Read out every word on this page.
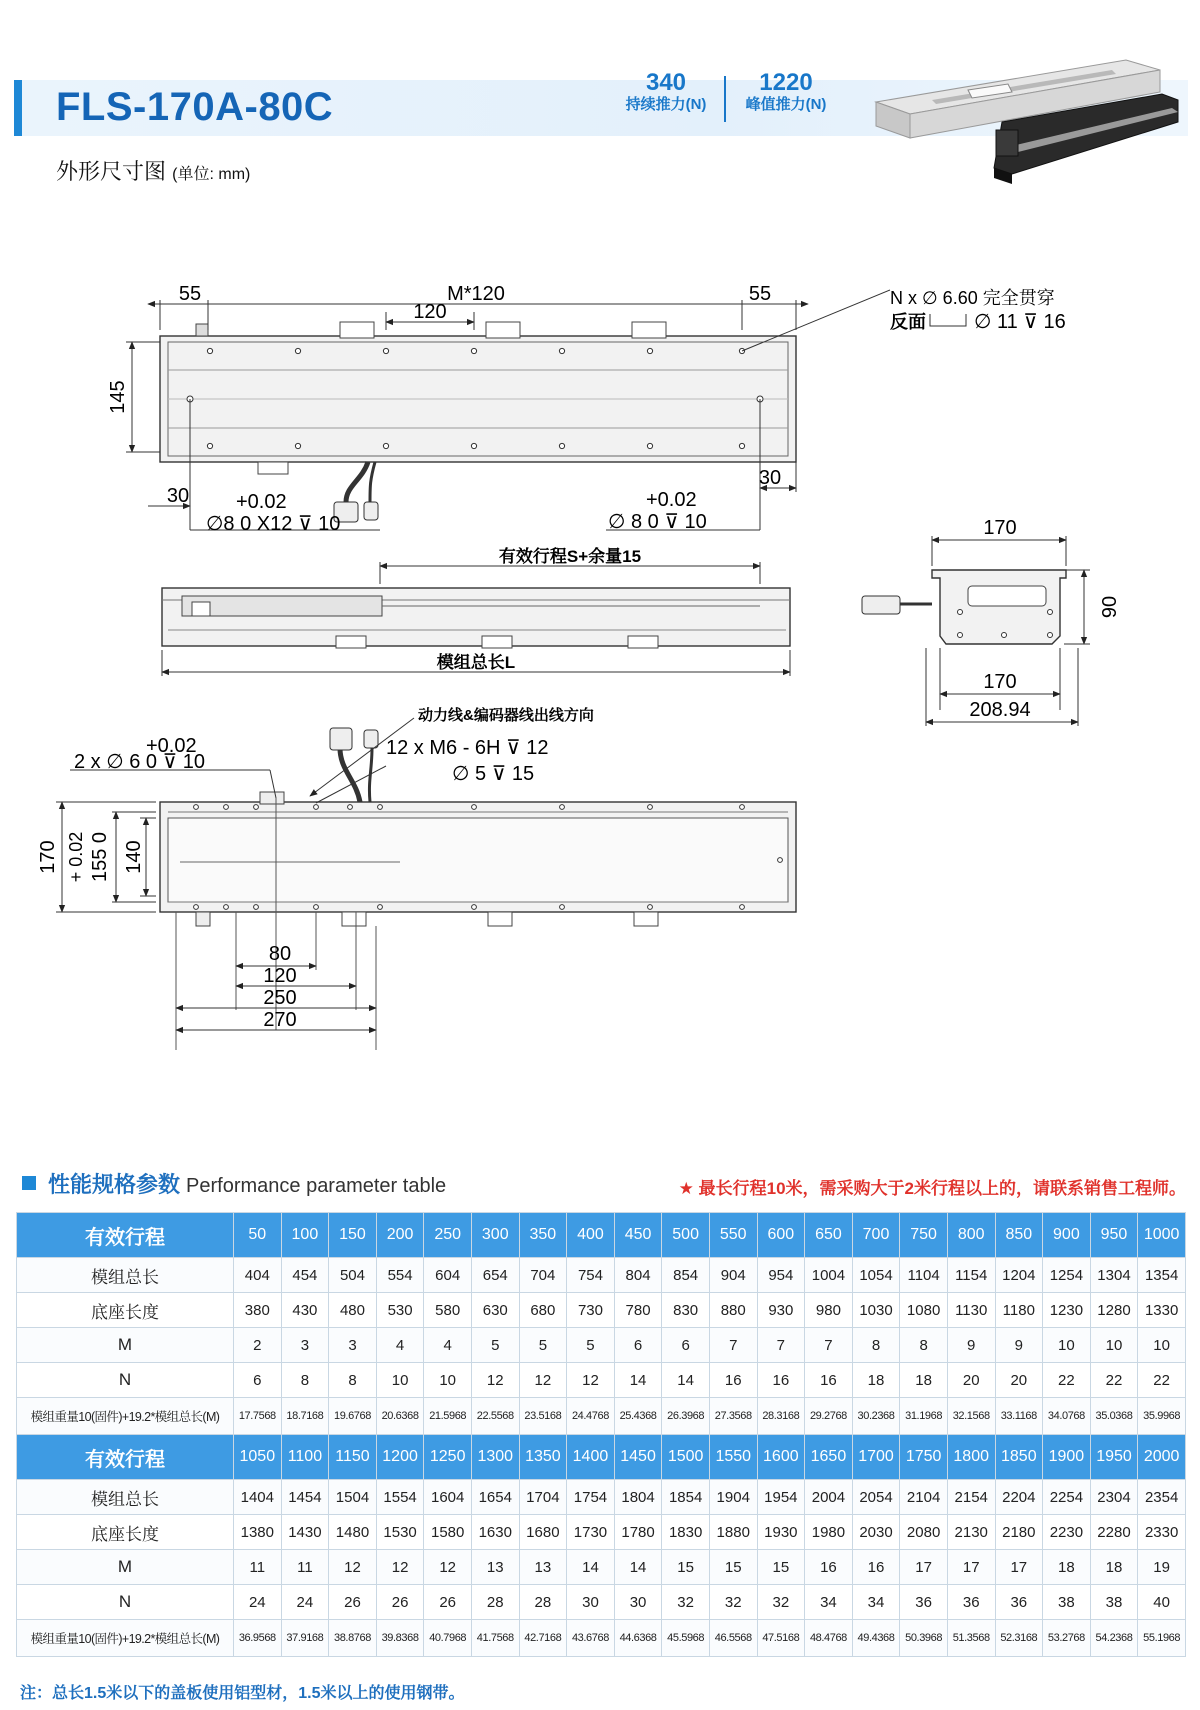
FLS-170A-80C
340
持续推力(N)
1220
峰值推力(N)
外形尺寸图 (单位: mm)
55	M*120	55
120
145
30
30
N x ∅ 6.60 完全贯穿
反面 ∅ 11 ⊽ 16
+0.02
∅8 0 X12 ⊽ 10
+0.02
∅ 8 0 ⊽ 10
有效行程S+余量15
模组总长L
170
90
170
208.94
+0.02
2 x ∅ 6 0 ⊽ 10
动力线&编码器线出线方向
12 x M6 - 6H ⊽ 12
∅ 5 ⊽ 15
170 + 0.02 155 0 140
80
120
250
270
性能规格参数 Performance parameter table	★ 最长行程10米，需采购大于2米行程以上的，请联系销售工程师。
有效行程	50	100	150	200	250	300	350	400	450	500	550	600	650	700	750	800	850	900	950	1000
模组总长	404	454	504	554	604	654	704	754	804	854	904	954	1004	1054	1104	1154	1204	1254	1304	1354
底座长度	380	430	480	530	580	630	680	730	780	830	880	930	980	1030	1080	1130	1180	1230	1280	1330
M	2	3	3	4	4	5	5	5	6	6	7	7	7	8	8	9	9	10	10	10
N	6	8	8	10	10	12	12	12	14	14	16	16	16	18	18	20	20	22	22	22
模组重量10(固件)+19.2*模组总长(M)	17.7568	18.7168	19.6768	20.6368	21.5968	22.5568	23.5168	24.4768	25.4368	26.3968	27.3568	28.3168	29.2768	30.2368	31.1968	32.1568	33.1168	34.0768	35.0368	35.9968
有效行程	1050	1100	1150	1200	1250	1300	1350	1400	1450	1500	1550	1600	1650	1700	1750	1800	1850	1900	1950	2000
模组总长	1404	1454	1504	1554	1604	1654	1704	1754	1804	1854	1904	1954	2004	2054	2104	2154	2204	2254	2304	2354
底座长度	1380	1430	1480	1530	1580	1630	1680	1730	1780	1830	1880	1930	1980	2030	2080	2130	2180	2230	2280	2330
M	11	11	12	12	12	13	13	14	14	15	15	15	16	16	17	17	17	18	18	19
N	24	24	26	26	26	28	28	30	30	32	32	32	34	34	36	36	36	38	38	40
模组重量10(固件)+19.2*模组总长(M)	36.9568	37.9168	38.8768	39.8368	40.7968	41.7568	42.7168	43.6768	44.6368	45.5968	46.5568	47.5168	48.4768	49.4368	50.3968	51.3568	52.3168	53.2768	54.2368	55.1968
注：总长1.5米以下的盖板使用铝型材，1.5米以上的使用钢带。
